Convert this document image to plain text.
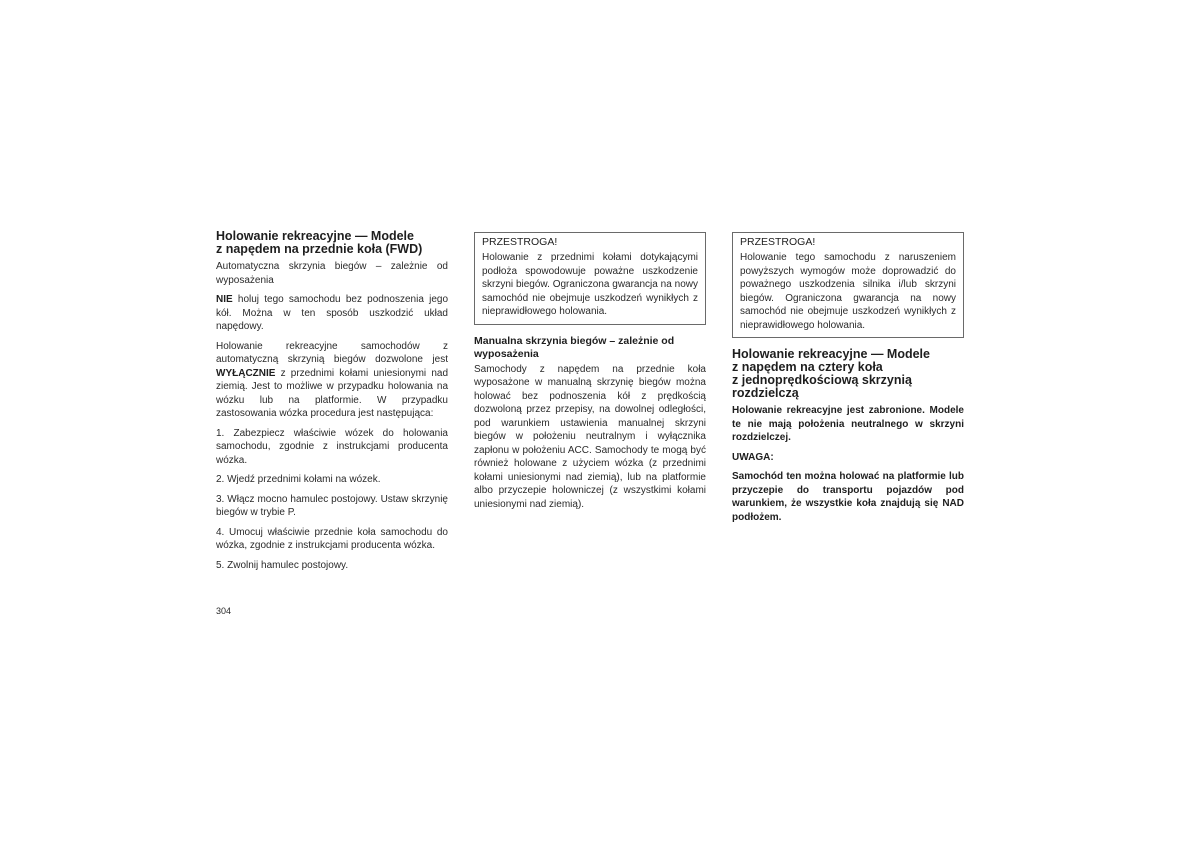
Holowanie rekreacyjne — Modele
z napędem na przednie koła (FWD)

Automatyczna skrzynia biegów – zależnie od wyposażenia

NIE holuj tego samochodu bez podnoszenia jego kół. Można w ten sposób uszkodzić układ napędowy.

Holowanie rekreacyjne samochodów z automatyczną skrzynią biegów dozwolone jest WYŁĄCZNIE z przednimi kołami uniesionymi nad ziemią. Jest to możliwe w przypadku holowania na wózku lub na platformie. W przypadku zastosowania wózka procedura jest następująca:

1. Zabezpiecz właściwie wózek do holowania samochodu, zgodnie z instrukcjami producenta wózka.

2. Wjedź przednimi kołami na wózek.

3. Włącz mocno hamulec postojowy. Ustaw skrzynię biegów w trybie P.

4. Umocuj właściwie przednie koła samochodu do wózka, zgodnie z instrukcjami producenta wózka.

5. Zwolnij hamulec postojowy.

PRZESTROGA!

Holowanie z przednimi kołami dotykającymi podłoża spowodowuje poważne uszkodzenie skrzyni biegów. Ograniczona gwarancja na nowy samochód nie obejmuje uszkodzeń wynikłych z nieprawidłowego holowania.

Manualna skrzynia biegów – zależnie od wyposażenia

Samochody z napędem na przednie koła wyposażone w manualną skrzynię biegów można holować bez podnoszenia kół z prędkością dozwoloną przez przepisy, na dowolnej odległości, pod warunkiem ustawienia manualnej skrzyni biegów w położeniu neutralnym i wyłącznika zapłonu w położeniu ACC. Samochody te mogą być również holowane z użyciem wózka (z przednimi kołami uniesionymi nad ziemią), lub na platformie albo przyczepie holowniczej (z wszystkimi kołami uniesionymi nad ziemią).

PRZESTROGA!

Holowanie tego samochodu z naruszeniem powyższych wymogów może doprowadzić do poważnego uszkodzenia silnika i/lub skrzyni biegów. Ograniczona gwarancja na nowy samochód nie obejmuje uszkodzeń wynikłych z nieprawidłowego holowania.

Holowanie rekreacyjne — Modele
z napędem na cztery koła
z jednoprędkościową skrzynią
rozdzielczą

Holowanie rekreacyjne jest zabronione. Modele te nie mają położenia neutralnego w skrzyni rozdzielczej.

UWAGA:

Samochód ten można holować na platformie lub przyczepie do transportu pojazdów pod warunkiem, że wszystkie koła znajdują się NAD podłożem.

304
